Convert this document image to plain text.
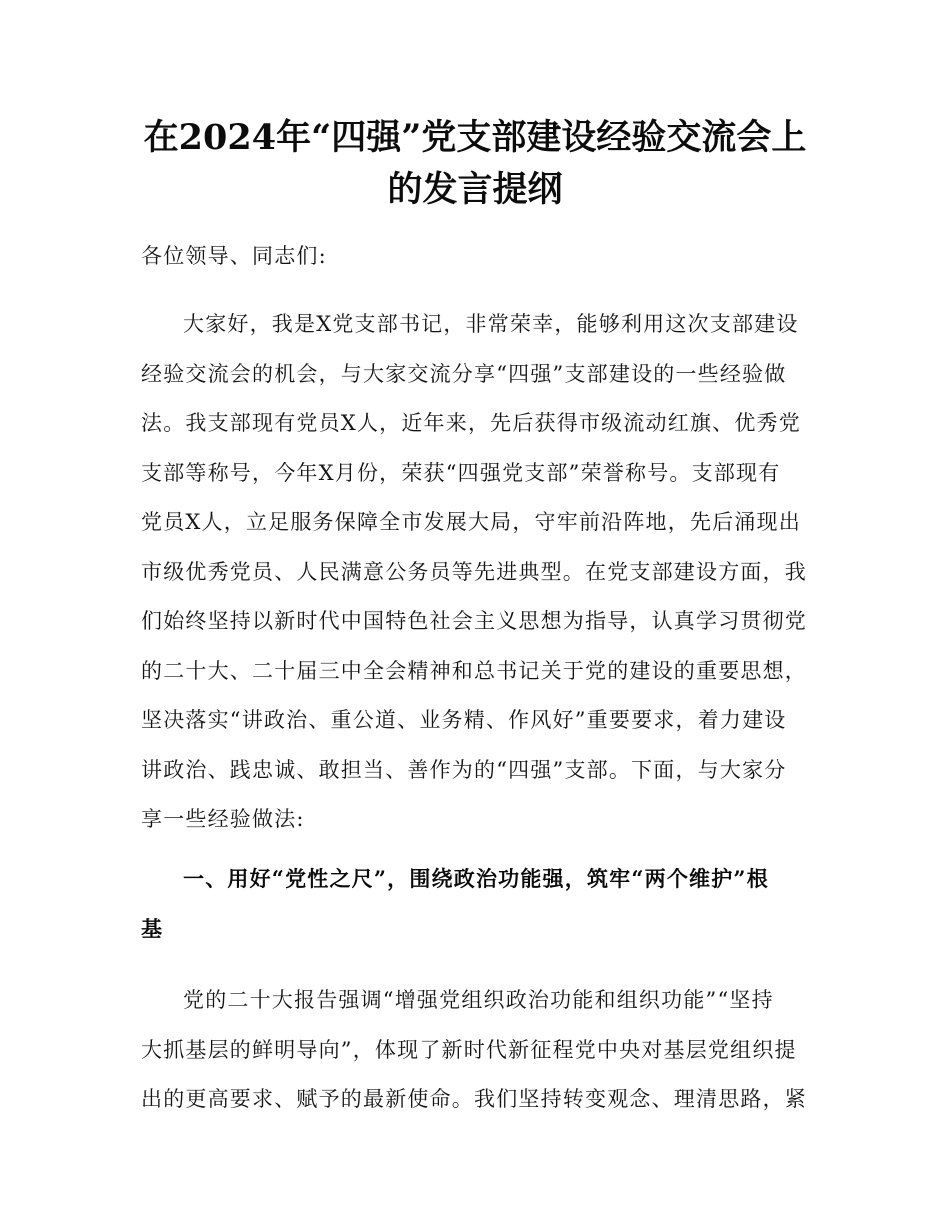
在2024年“四强”党支部建设经验交流会上
的发言提纲
各位领导、同志们:
大家好，我是X党支部书记，非常荣幸，能够利用这次支部建设
经验交流会的机会，与大家交流分享“四强”支部建设的一些经验做
法。我支部现有党员X人，近年来，先后获得市级流动红旗、优秀党
支部等称号，今年X月份，荣获“四强党支部”荣誉称号。支部现有
党员X人，立足服务保障全市发展大局，守牢前沿阵地，先后涌现出
市级优秀党员、人民满意公务员等先进典型。在党支部建设方面，我
们始终坚持以新时代中国特色社会主义思想为指导，认真学习贯彻党
的二十大、二十届三中全会精神和总书记关于党的建设的重要思想，
坚决落实“讲政治、重公道、业务精、作风好”重要要求，着力建设
讲政治、践忠诚、敢担当、善作为的“四强”支部。下面，与大家分
享一些经验做法:
一、用好“党性之尺”，围绕政治功能强，筑牢“两个维护”根
基
党的二十大报告强调“增强党组织政治功能和组织功能”“坚持
大抓基层的鲜明导向”，体现了新时代新征程党中央对基层党组织提
出的更高要求、赋予的最新使命。我们坚持转变观念、理清思路，紧
